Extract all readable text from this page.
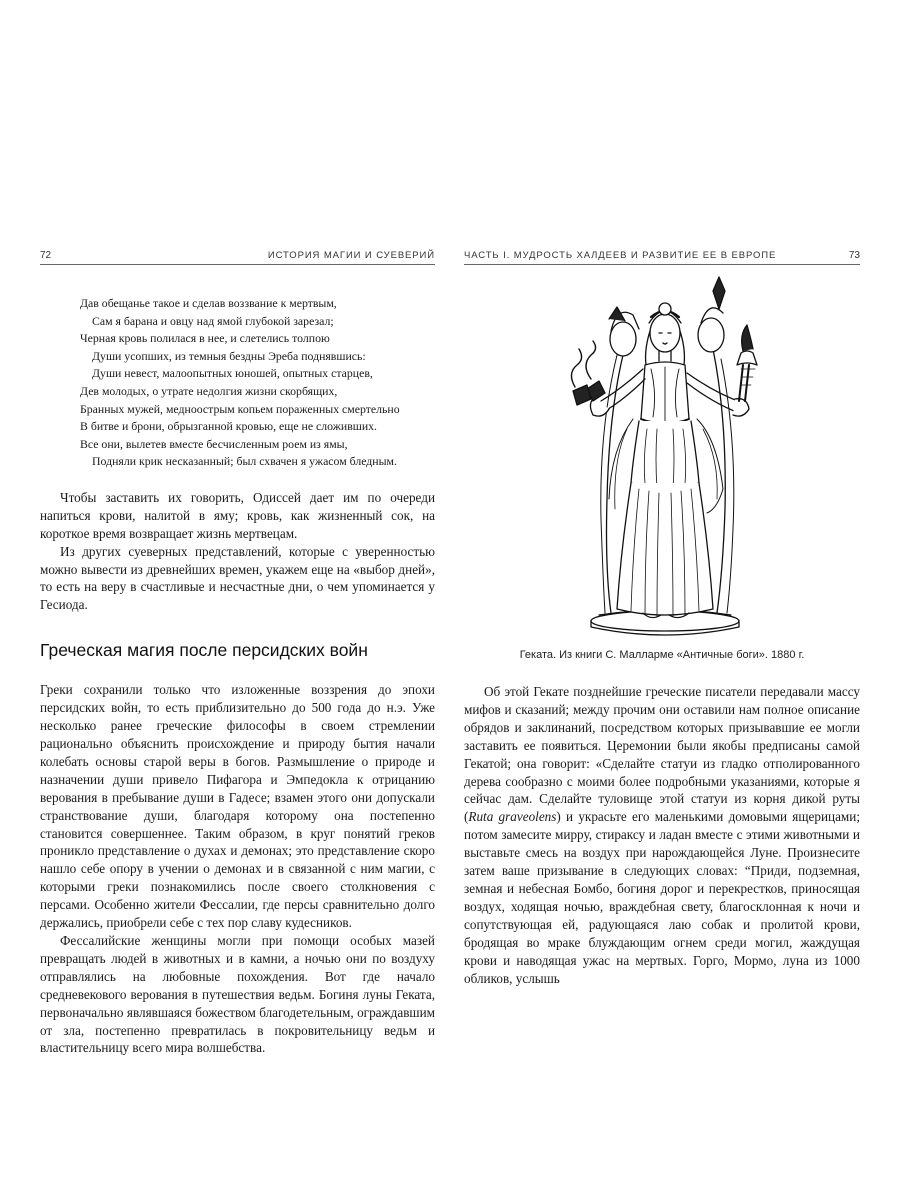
72	ИСТОРИЯ МАГИИ И СУЕВЕРИЙ
Дав обещанье такое и сделав воззвание к мертвым,
Сам я барана и овцу над ямой глубокой зарезал;
Черная кровь полилася в нее, и слетелись толпою
Души усопших, из темныя бездны Эреба поднявшись:
Души невест, малоопытных юношей, опытных старцев,
Дев молодых, о утрате недолгия жизни скорбящих,
Бранных мужей, медноострым копьем пораженных смертельно
В битве и брони, обрызганной кровью, еще не сложивших.
Все они, вылетев вместе бесчисленным роем из ямы,
Подняли крик несказанный; был схвачен я ужасом бледным.

Чтобы заставить их говорить, Одиссей дает им по очереди напиться крови, налитой в яму; кровь, как жизненный сок, на короткое время возвращает жизнь мертвецам.

Из других суеверных представлений, которые с уверенностью можно вывести из древнейших времен, укажем еще на «выбор дней», то есть на веру в счастливые и несчастные дни, о чем упоминается у Гесиода.

Греческая магия после персидских войн

Греки сохранили только что изложенные воззрения до эпохи персидских войн, то есть приблизительно до 500 года до н.э. Уже несколько ранее греческие философы в своем стремлении рационально объяснить происхождение и природу бытия начали колебать основы старой веры в богов. Размышление о природе и назначении души привело Пифагора и Эмпедокла к отрицанию верования в пребывание души в Гадесе; взамен этого они допускали странствование души, благодаря которому она постепенно становится совершеннее. Таким образом, в круг понятий греков проникло представление о духах и демонах; это представление скоро нашло себе опору в учении о демонах и в связанной с ним магии, с которыми греки познакомились после своего столкновения с персами. Особенно жители Фессалии, где персы сравнительно долго держались, приобрели себе с тех пор славу кудесников.

Фессалийские женщины могли при помощи особых мазей превращать людей в животных и в камни, а ночью они по воздуху отправлялись на любовные похождения. Вот где начало средневекового верования в путешествия ведьм. Богиня луны Геката, первоначально являвшаяся божеством благодетельным, ограждавшим от зла, постепенно превратилась в покровительницу ведьм и властительницу всего мира волшебства.

ЧАСТЬ I. МУДРОСТЬ ХАЛДЕЕВ И РАЗВИТИЕ ЕЕ В ЕВРОПЕ	73

Геката. Из книги С. Малларме «Античные боги». 1880 г.

Об этой Гекате позднейшие греческие писатели передавали массу мифов и сказаний; между прочим они оставили нам полное описание обрядов и заклинаний, посредством которых призывавшие ее могли заставить ее появиться. Церемонии были якобы предписаны самой Гекатой; она говорит: «Сделайте статуи из гладко отполированного дерева сообразно с моими более подробными указаниями, которые я сейчас дам. Сделайте туловище этой статуи из корня дикой руты (Ruta graveolens) и украсьте его маленькими домовыми ящерицами; потом замесите мирру, стираксу и ладан вместе с этими животными и выставьте смесь на воздух при нарождающейся Луне. Произнесите затем ваше призывание в следующих словах: “Приди, подземная, земная и небесная Бомбо, богиня дорог и перекрестков, приносящая воздух, ходящая ночью, враждебная свету, благосклонная к ночи и сопутствующая ей, радующаяся лаю собак и пролитой крови, бродящая во мраке блуждающим огнем среди могил, жаждущая крови и наводящая ужас на мертвых. Горго, Мормо, луна из 1000 обликов, услышь
